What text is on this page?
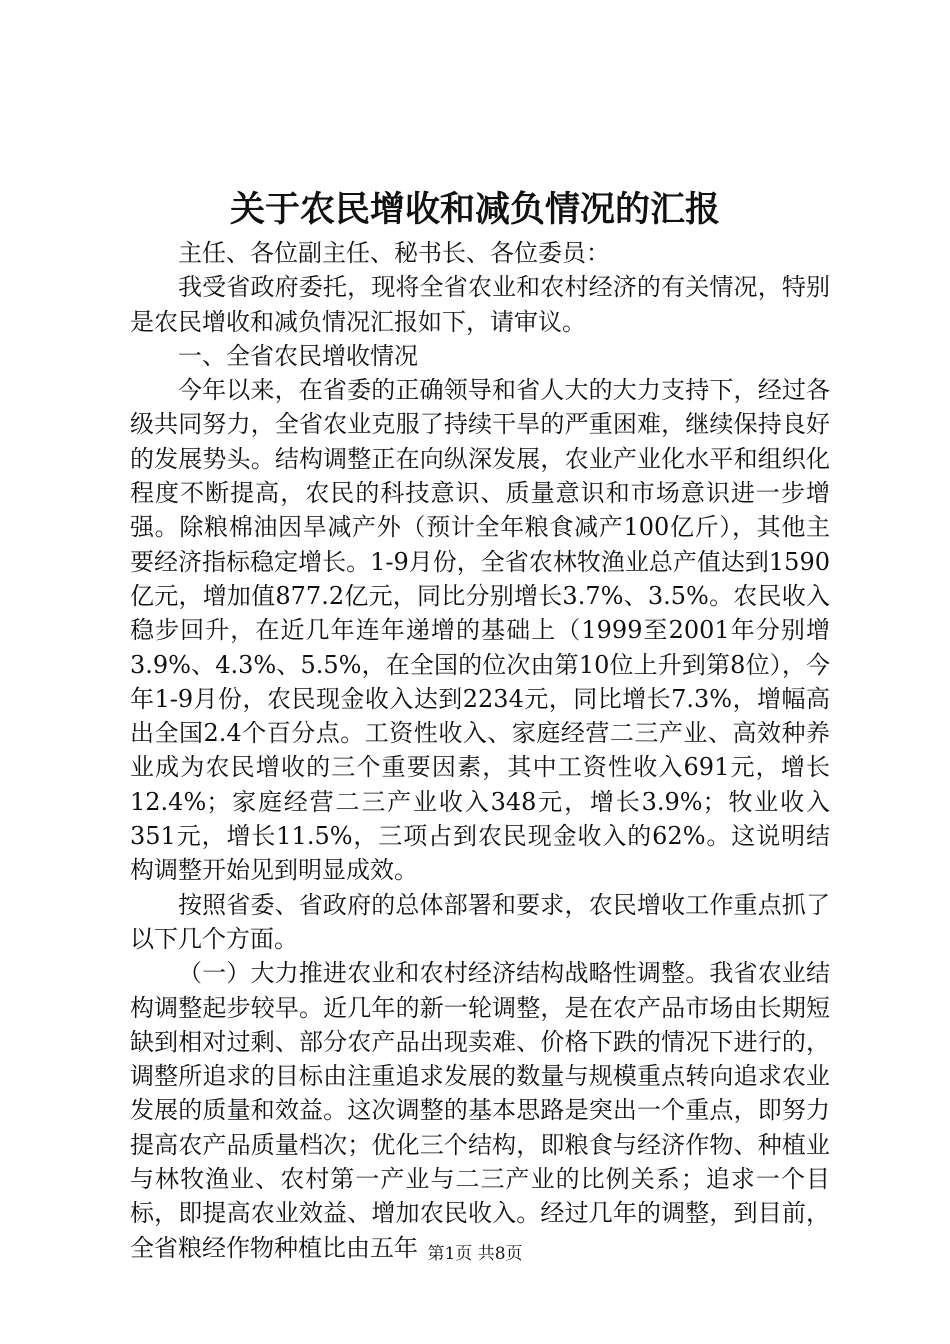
关于农民增收和减负情况的汇报

主任、各位副主任、秘书长、各位委员：

我受省政府委托，现将全省农业和农村经济的有关情况，特别是农民增收和减负情况汇报如下，请审议。

一、全省农民增收情况

今年以来，在省委的正确领导和省人大的大力支持下，经过各级共同努力，全省农业克服了持续干旱的严重困难，继续保持良好的发展势头。结构调整正在向纵深发展，农业产业化水平和组织化程度不断提高，农民的科技意识、质量意识和市场意识进一步增强。除粮棉油因旱减产外（预计全年粮食减产100亿斤），其他主要经济指标稳定增长。1-9月份，全省农林牧渔业总产值达到1590亿元，增加值877.2亿元，同比分别增长3.7%、3.5%。农民收入稳步回升，在近几年连年递增的基础上（1999至2001年分别增3.9%、4.3%、5.5%，在全国的位次由第10位上升到第8位），今年1-9月份，农民现金收入达到2234元，同比增长7.3%，增幅高出全国2.4个百分点。工资性收入、家庭经营二三产业、高效种养业成为农民增收的三个重要因素，其中工资性收入691元，增长12.4%；家庭经营二三产业收入348元，增长3.9%；牧业收入351元，增长11.5%，三项占到农民现金收入的62%。这说明结构调整开始见到明显成效。

按照省委、省政府的总体部署和要求，农民增收工作重点抓了以下几个方面。

（一）大力推进农业和农村经济结构战略性调整。我省农业结构调整起步较早。近几年的新一轮调整，是在农产品市场由长期短缺到相对过剩、部分农产品出现卖难、价格下跌的情况下进行的，调整所追求的目标由注重追求发展的数量与规模重点转向追求农业发展的质量和效益。这次调整的基本思路是突出一个重点，即努力提高农产品质量档次；优化三个结构，即粮食与经济作物、种植业与林牧渔业、农村第一产业与二三产业的比例关系；追求一个目标，即提高农业效益、增加农民收入。经过几年的调整，到目前，全省粮经作物种植比由五年 第1页 共8页
